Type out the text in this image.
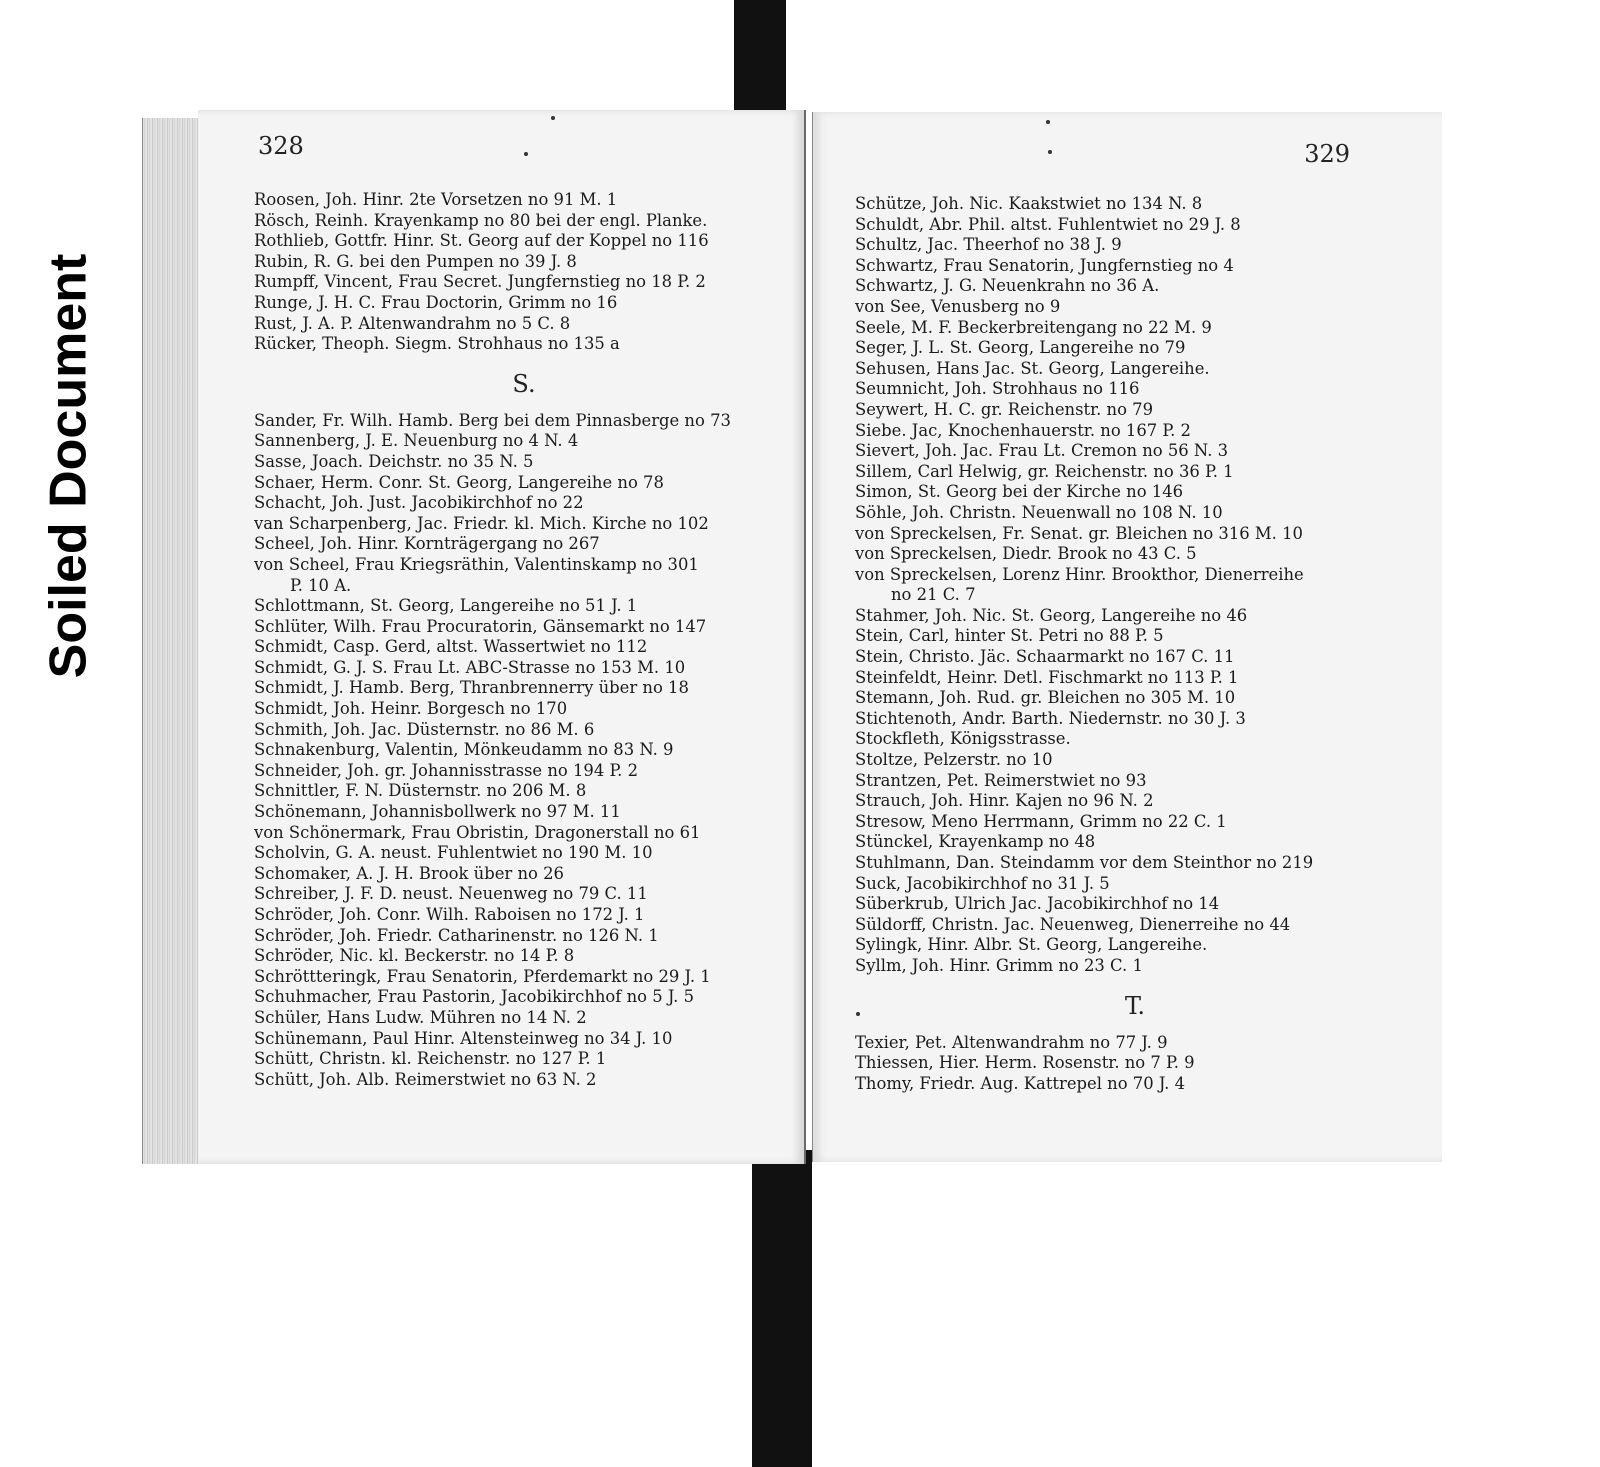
Soiled Document
328
Roosen, Joh. Hinr. 2te Vorsetzen no 91 M. 1
Rösch, Reinh. Krayenkamp no 80 bei der engl. Planke.
Rothlieb, Gottfr. Hinr. St. Georg auf der Koppel no 116
Rubin, R. G. bei den Pumpen no 39 J. 8
Rumpff, Vincent, Frau Secret. Jungfernstieg no 18 P. 2
Runge, J. H. C. Frau Doctorin, Grimm no 16
Rust, J. A. P. Altenwandrahm no 5 C. 8
Rücker, Theoph. Siegm. Strohhaus no 135 a
S.
Sander, Fr. Wilh. Hamb. Berg bei dem Pinnasberge no 73
Sannenberg, J. E. Neuenburg no 4 N. 4
Sasse, Joach. Deichstr. no 35 N. 5
Schaer, Herm. Conr. St. Georg, Langereihe no 78
Schacht, Joh. Just. Jacobikirchhof no 22
van Scharpenberg, Jac. Friedr. kl. Mich. Kirche no 102
Scheel, Joh. Hinr. Kornträgergang no 267
von Scheel, Frau Kriegsräthin, Valentinskamp no 301
P. 10 A.
Schlottmann, St. Georg, Langereihe no 51 J. 1
Schlüter, Wilh. Frau Procuratorin, Gänsemarkt no 147
Schmidt, Casp. Gerd, altst. Wassertwiet no 112
Schmidt, G. J. S. Frau Lt. ABC-Strasse no 153 M. 10
Schmidt, J. Hamb. Berg, Thranbrennerry über no 18
Schmidt, Joh. Heinr. Borgesch no 170
Schmith, Joh. Jac. Düsternstr. no 86 M. 6
Schnakenburg, Valentin, Mönkeudamm no 83 N. 9
Schneider, Joh. gr. Johannisstrasse no 194 P. 2
Schnittler, F. N. Düsternstr. no 206 M. 8
Schönemann, Johannisbollwerk no 97 M. 11
von Schönermark, Frau Obristin, Dragonerstall no 61
Scholvin, G. A. neust. Fuhlentwiet no 190 M. 10
Schomaker, A. J. H. Brook über no 26
Schreiber, J. F. D. neust. Neuenweg no 79 C. 11
Schröder, Joh. Conr. Wilh. Raboisen no 172 J. 1
Schröder, Joh. Friedr. Catharinenstr. no 126 N. 1
Schröder, Nic. kl. Beckerstr. no 14 P. 8
Schröttteringk, Frau Senatorin, Pferdemarkt no 29 J. 1
Schuhmacher, Frau Pastorin, Jacobikirchhof no 5 J. 5
Schüler, Hans Ludw. Mühren no 14 N. 2
Schünemann, Paul Hinr. Altensteinweg no 34 J. 10
Schütt, Christn. kl. Reichenstr. no 127 P. 1
Schütt, Joh. Alb. Reimerstwiet no 63 N. 2
329
Schütze, Joh. Nic. Kaakstwiet no 134 N. 8
Schuldt, Abr. Phil. altst. Fuhlentwiet no 29 J. 8
Schultz, Jac. Theerhof no 38 J. 9
Schwartz, Frau Senatorin, Jungfernstieg no 4
Schwartz, J. G. Neuenkrahn no 36 A.
von See, Venusberg no 9
Seele, M. F. Beckerbreitengang no 22 M. 9
Seger, J. L. St. Georg, Langereihe no 79
Sehusen, Hans Jac. St. Georg, Langereihe.
Seumnicht, Joh. Strohhaus no 116
Seywert, H. C. gr. Reichenstr. no 79
Siebe. Jac, Knochenhauerstr. no 167 P. 2
Sievert, Joh. Jac. Frau Lt. Cremon no 56 N. 3
Sillem, Carl Helwig, gr. Reichenstr. no 36 P. 1
Simon, St. Georg bei der Kirche no 146
Söhle, Joh. Christn. Neuenwall no 108 N. 10
von Spreckelsen, Fr. Senat. gr. Bleichen no 316 M. 10
von Spreckelsen, Diedr. Brook no 43 C. 5
von Spreckelsen, Lorenz Hinr. Brookthor, Dienerreihe
no 21 C. 7
Stahmer, Joh. Nic. St. Georg, Langereihe no 46
Stein, Carl, hinter St. Petri no 88 P. 5
Stein, Christo. Jäc. Schaarmarkt no 167 C. 11
Steinfeldt, Heinr. Detl. Fischmarkt no 113 P. 1
Stemann, Joh. Rud. gr. Bleichen no 305 M. 10
Stichtenoth, Andr. Barth. Niedernstr. no 30 J. 3
Stockfleth, Königsstrasse.
Stoltze, Pelzerstr. no 10
Strantzen, Pet. Reimerstwiet no 93
Strauch, Joh. Hinr. Kajen no 96 N. 2
Stresow, Meno Herrmann, Grimm no 22 C. 1
Stünckel, Krayenkamp no 48
Stuhlmann, Dan. Steindamm vor dem Steinthor no 219
Suck, Jacobikirchhof no 31 J. 5
Süberkrub, Ulrich Jac. Jacobikirchhof no 14
Süldorff, Christn. Jac. Neuenweg, Dienerreihe no 44
Sylingk, Hinr. Albr. St. Georg, Langereihe.
Syllm, Joh. Hinr. Grimm no 23 C. 1
T.
Texier, Pet. Altenwandrahm no 77 J. 9
Thiessen, Hier. Herm. Rosenstr. no 7 P. 9
Thomy, Friedr. Aug. Kattrepel no 70 J. 4
